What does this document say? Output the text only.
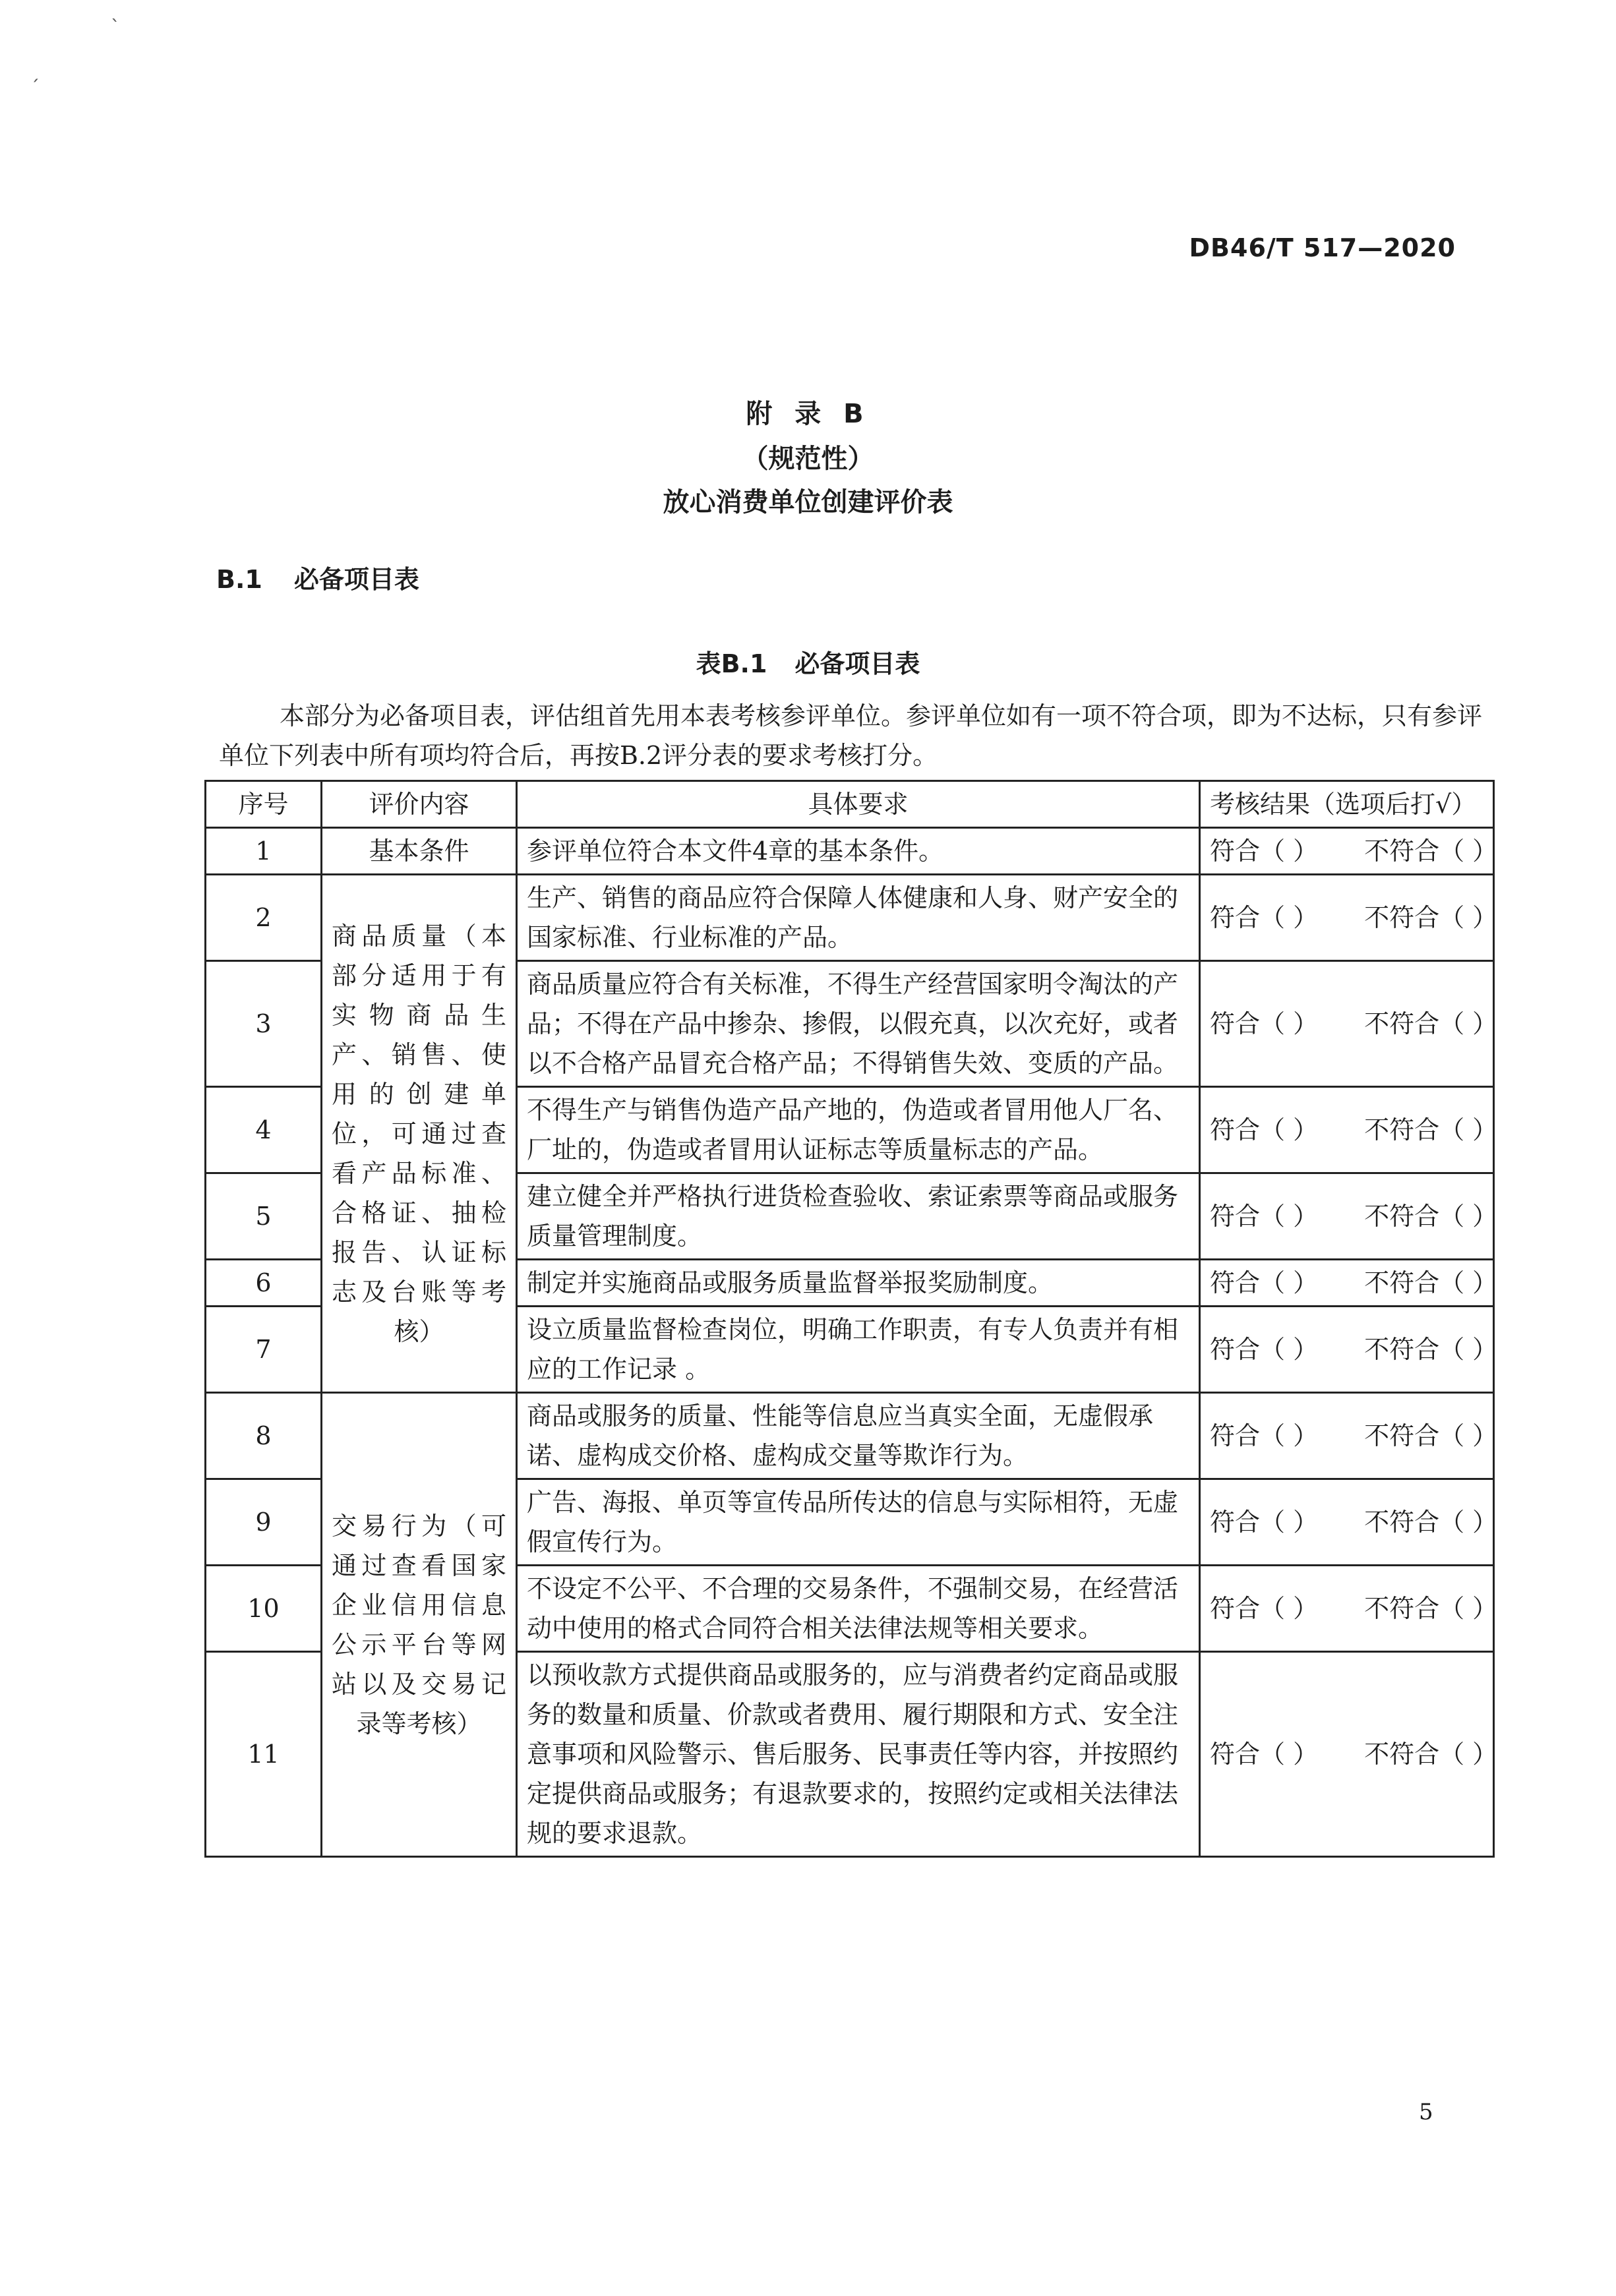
ˋ
ˏ
DB46/T 517—2020
附 录 B
（规范性）
放心消费单位创建评价表
B.1 必备项目表
表B.1 必备项目表

本部分为必备项目表，评估组首先用本表考核参评单位。参评单位如有一项不符合项，即为不达标，只有参评单位下列表中所有项均符合后，再按B.2评分表的要求考核打分。

序号	评价内容	具体要求	考核结果（选项后打√）
1	基本条件	参评单位符合本文件4章的基本条件。	符合（ ） 不符合（ ）
2	商品质量（本部分适用于有实物商品生产、销售、使用的创建单位，可通过查看产品标准、合格证、抽检报告、认证标志及台账等考核）	生产、销售的商品应符合保障人体健康和人身、财产安全的国家标准、行业标准的产品。	符合（ ） 不符合（ ）
3		商品质量应符合有关标准，不得生产经营国家明令淘汰的产品；不得在产品中掺杂、掺假，以假充真，以次充好，或者以不合格产品冒充合格产品；不得销售失效、变质的产品。	符合（ ） 不符合（ ）
4		不得生产与销售伪造产品产地的，伪造或者冒用他人厂名、厂址的，伪造或者冒用认证标志等质量标志的产品。	符合（ ） 不符合（ ）
5		建立健全并严格执行进货检查验收、索证索票等商品或服务质量管理制度。	符合（ ） 不符合（ ）
6		制定并实施商品或服务质量监督举报奖励制度。	符合（ ） 不符合（ ）
7		设立质量监督检查岗位，明确工作职责，有专人负责并有相应的工作记录 。	符合（ ） 不符合（ ）
8	交易行为（可通过查看国家企业信用信息公示平台等网站以及交易记录等考核）	商品或服务的质量、性能等信息应当真实全面，无虚假承诺、虚构成交价格、虚构成交量等欺诈行为。	符合（ ） 不符合（ ）
9		广告、海报、单页等宣传品所传达的信息与实际相符，无虚假宣传行为。	符合（ ） 不符合（ ）
10		不设定不公平、不合理的交易条件，不强制交易，在经营活动中使用的格式合同符合相关法律法规等相关要求。	符合（ ） 不符合（ ）
11		以预收款方式提供商品或服务的，应与消费者约定商品或服务的数量和质量、价款或者费用、履行期限和方式、安全注意事项和风险警示、售后服务、民事责任等内容，并按照约定提供商品或服务；有退款要求的，按照约定或相关法律法规的要求退款。	符合（ ） 不符合（ ）
5
